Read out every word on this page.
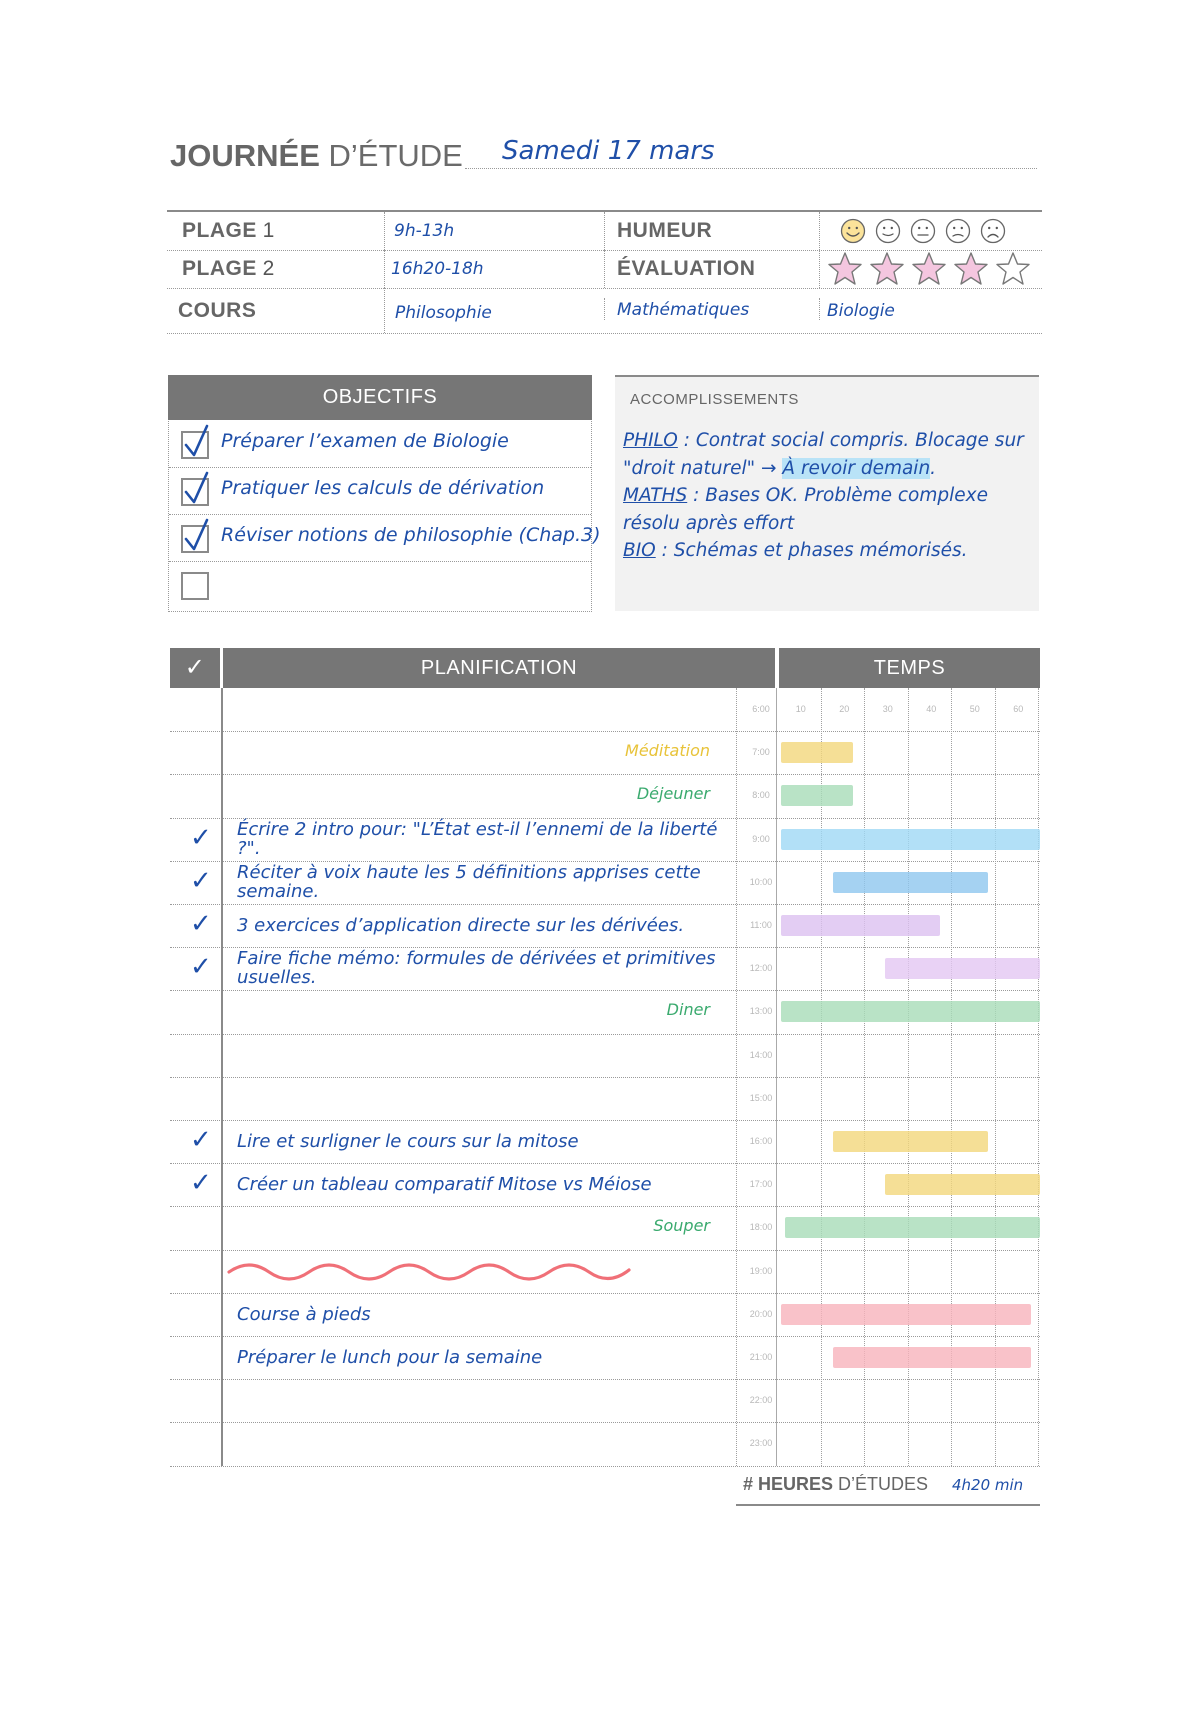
JOURNÉE D’ÉTUDE Samedi 17 mars
PLAGE 1	9h-13h	HUMEUR
PLAGE 2	16h20-18h	ÉVALUATION
COURS	Philosophie	Mathématiques	Biologie
OBJECTIFS
Préparer l’examen de Biologie
Pratiquer les calculs de dérivation
Réviser notions de philosophie (Chap.3)
ACCOMPLISSEMENTS
PHILO : Contrat social compris. Blocage sur "droit naturel" → À revoir demain.
MATHS : Bases OK. Problème complexe résolu après effort
BIO : Schémas et phases mémorisés.
✓	PLANIFICATION	TEMPS
6:00
Méditation	7:00
Déjeuner	8:00
✓ Écrire 2 intro pour: "L’État est-il l’ennemi de la liberté ?".	9:00
✓ Réciter à voix haute les 5 définitions apprises cette semaine.	10:00
✓ 3 exercices d’application directe sur les dérivées.	11:00
✓ Faire fiche mémo: formules de dérivées et primitives usuelles.	12:00
Diner	13:00
14:00
15:00
✓ Lire et surligner le cours sur la mitose	16:00
✓ Créer un tableau comparatif Mitose vs Méiose	17:00
Souper	18:00
19:00
Course à pieds	20:00
Préparer le lunch pour la semaine	21:00
22:00
23:00
10	20	30	40	50	60
# HEURES D’ÉTUDES 4h20 min
